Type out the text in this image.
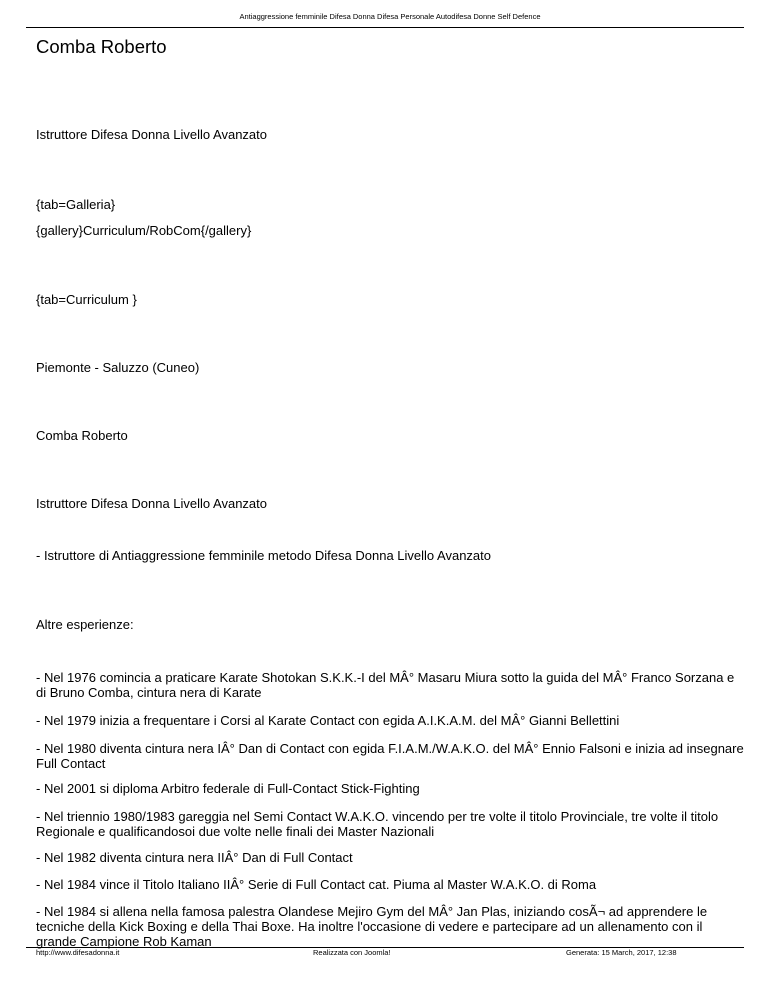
Antiaggressione femminile Difesa Donna Difesa Personale Autodifesa Donne Self Defence
Comba Roberto

Istruttore Difesa Donna Livello Avanzato

{tab=Galleria}

{gallery}Curriculum/RobCom{/gallery}

{tab=Curriculum }

Piemonte - Saluzzo (Cuneo)

Comba Roberto

Istruttore Difesa Donna Livello Avanzato

- Istruttore di Antiaggressione femminile metodo Difesa Donna Livello Avanzato

Altre esperienze:

- Nel 1976 comincia a praticare Karate Shotokan S.K.K.-I del MÂ° Masaru Miura sotto la guida del MÂ° Franco Sorzana e di Bruno Comba, cintura nera di Karate

- Nel 1979 inizia a frequentare i Corsi al Karate Contact con egida A.I.K.A.M. del MÂ° Gianni Bellettini

- Nel 1980 diventa cintura nera IÂ° Dan di Contact con egida F.I.A.M./W.A.K.O. del MÂ° Ennio Falsoni e inizia ad insegnare Full Contact

- Nel 2001 si diploma Arbitro federale di Full-Contact Stick-Fighting

- Nel triennio 1980/1983 gareggia nel Semi Contact W.A.K.O. vincendo per tre volte il titolo Provinciale, tre volte il titolo Regionale e qualificandosoi due volte nelle finali dei Master Nazionali

- Nel 1982 diventa cintura nera IIÂ° Dan di Full Contact

- Nel 1984 vince il Titolo Italiano IIÂ° Serie di Full Contact cat. Piuma al Master W.A.K.O. di Roma

- Nel 1984 si allena nella famosa palestra Olandese Mejiro Gym del MÂ° Jan Plas, iniziando cosÃ¬ ad apprendere le tecniche della Kick Boxing e della Thai Boxe. Ha inoltre l'occasione di vedere e partecipare ad un allenamento con il grande Campione Rob Kaman

http://www.difesadonna.it	Realizzata con Joomla!	Generata: 15 March, 2017, 12:38
